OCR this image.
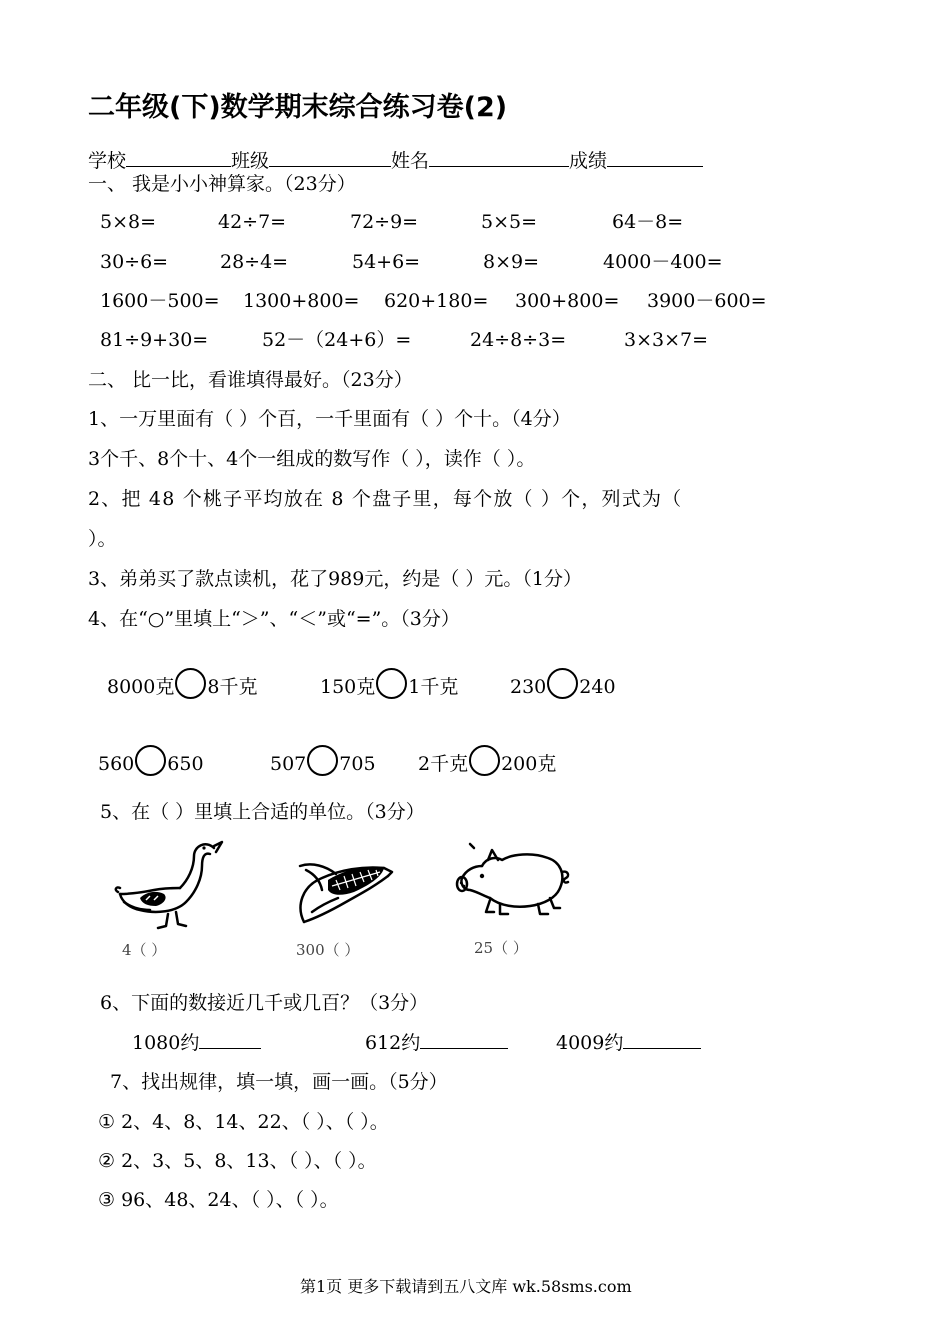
二年级(下)数学期末综合练习卷(2)
学校	班级	姓名	成绩
一、 我是小小神算家。（23分）
5×8=	42÷7=	72÷9=	5×5=	64－8=
30÷6=	28÷4=	54+6=	8×9=	4000－400=
1600－500= 1300+800= 620+180= 300+800= 3900－600=
81÷9+30=	52－（24+6）=	24÷8÷3=	3×3×7=
二、 比一比，看谁填得最好。（23分）
1、一万里面有（ ）个百，一千里面有（ ）个十。（4分）
3个千、8个十、4个一组成的数写作（ ），读作（ ）。
2、把 48 个桃子平均放在 8 个盘子里，每个放（ ）个，列式为（
）。
3、弟弟买了款点读机，花了989元，约是（ ）元。（1分）
4、在“○”里填上“＞”、“＜”或“=”。（3分）
8000克 8千克	150克 1千克	230 240
560 650	507 705 2千克 200克
5、在（ ）里填上合适的单位。（3分）
4（ ）	300（ ）	25（ ）
6、下面的数接近几千或几百？（3分）
1080约	612约	4009约
7、找出规律，填一填，画一画。（5分）
① 2、4、8、14、22、（ ）、（ ）。
② 2、3、5、8、13、（ ）、（ ）。
③ 96、48、24、（ ）、（ ）。
第1页 更多下载请到五八文库 wk.58sms.com
